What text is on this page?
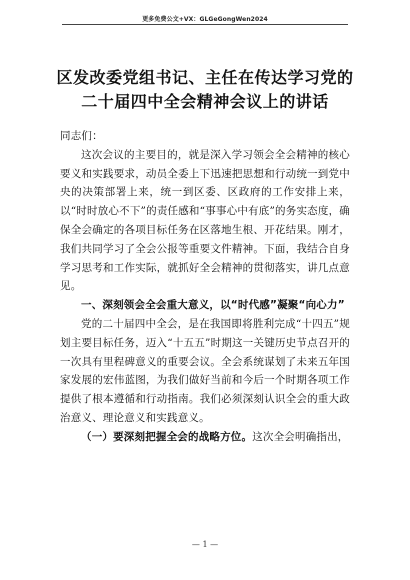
更多免费公文+VX：GLGeGongWen2024
区发改委党组书记、主任在传达学习党的
二十届四中全会精神会议上的讲话

同志们：

这次会议的主要目的，就是深入学习领会全会精神的核心要义和实践要求，动员全委上下迅速把思想和行动统一到党中央的决策部署上来，统一到区委、区政府的工作安排上来，以“时时放心不下”的责任感和“事事心中有底”的务实态度，确保全会确定的各项目标任务在区落地生根、开花结果。刚才，我们共同学习了全会公报等重要文件精神。下面，我结合自身学习思考和工作实际，就抓好全会精神的贯彻落实，讲几点意见。

一、深刻领会全会重大意义，以“时代感”凝聚“向心力”

党的二十届四中全会，是在我国即将胜利完成“十四五”规划主要目标任务，迈入“十五五”时期这一关键历史节点召开的一次具有里程碑意义的重要会议。全会系统谋划了未来五年国家发展的宏伟蓝图，为我们做好当前和今后一个时期各项工作提供了根本遵循和行动指南。我们必须深刻认识全会的重大政治意义、理论意义和实践意义。

（一）要深刻把握全会的战略方位。这次全会明确指出，

— 1 —
